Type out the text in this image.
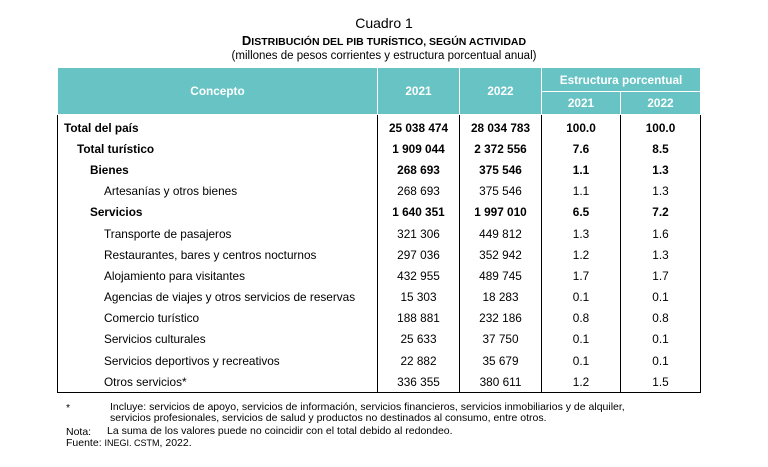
Cuadro 1
DISTRIBUCIÓN DEL PIB TURÍSTICO, SEGÚN ACTIVIDAD
(millones de pesos corrientes y estructura porcentual anual)
Concepto	2021	2022	Estructura porcentual	
			2021	2022
Total del país	25 038 474	28 034 783	100.0	100.0
Total turístico	1 909 044	2 372 556	7.6	8.5
Bienes	268 693	375 546	1.1	1.3
Artesanías y otros bienes	268 693	375 546	1.1	1.3
Servicios	1 640 351	1 997 010	6.5	7.2
Transporte de pasajeros	321 306	449 812	1.3	1.6
Restaurantes, bares y centros nocturnos	297 036	352 942	1.2	1.3
Alojamiento para visitantes	432 955	489 745	1.7	1.7
Agencias de viajes y otros servicios de reservas	15 303	18 283	0.1	0.1
Comercio turístico	188 881	232 186	0.8	0.8
Servicios culturales	25 633	37 750	0.1	0.1
Servicios deportivos y recreativos	22 882	35 679	0.1	0.1
Otros servicios*	336 355	380 611	1.2	1.5
*	Incluye: servicios de apoyo, servicios de información, servicios financieros, servicios inmobiliarios y de alquiler,
servicios profesionales, servicios de salud y productos no destinados al consumo, entre otros.
Nota: La suma de los valores puede no coincidir con el total debido al redondeo.
Fuente: INEGI. CSTM, 2022.
